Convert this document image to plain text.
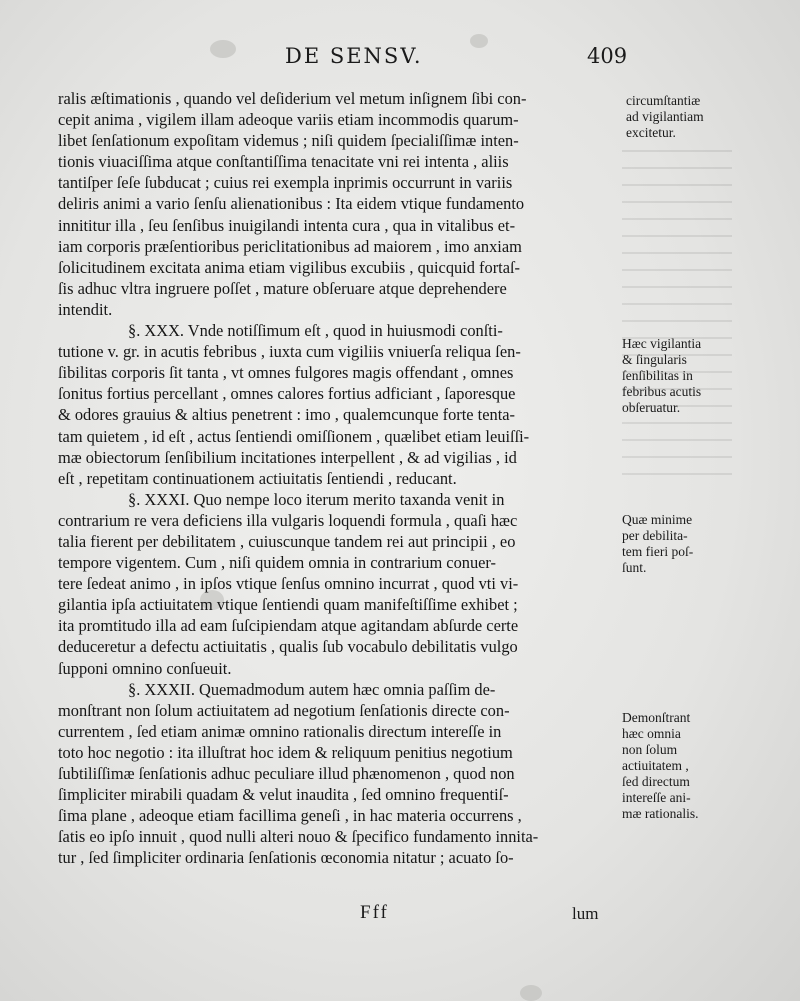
DE SENSV.	409
ralis æſtimationis , quando vel deſiderium vel metum inſignem ſibi con-
cepit anima , vigilem illam adeoque variis etiam incommodis quarum-
libet ſenſationum expoſitam videmus ; niſi quidem ſpecialiſſimæ inten-
tionis viuaciſſima atque conſtantiſſima tenacitate vni rei intenta , aliis
tantiſper ſeſe ſubducat ; cuius rei exempla inprimis occurrunt in variis
deliris animi a vario ſenſu alienationibus : Ita eidem vtique fundamento
innititur illa , ſeu ſenſibus inuigilandi intenta cura , qua in vitalibus et-
iam corporis præſentioribus periclitationibus ad maiorem , imo anxiam
ſolicitudinem excitata anima etiam vigilibus excubiis , quicquid fortaſ-
ſis adhuc vltra ingruere poſſet , mature obſeruare atque deprehendere
intendit.
§. XXX. Vnde notiſſimum eſt , quod in huiusmodi conſti-
tutione v. gr. in acutis febribus , iuxta cum vigiliis vniuerſa reliqua ſen-
ſibilitas corporis ſit tanta , vt omnes fulgores magis offendant , omnes
ſonitus fortius percellant , omnes calores fortius adficiant , ſaporesque
& odores grauius & altius penetrent : imo , qualemcunque forte tenta-
tam quietem , id eſt , actus ſentiendi omiſſionem , quælibet etiam leuiſſi-
mæ obiectorum ſenſibilium incitationes interpellent , & ad vigilias , id
eſt , repetitam continuationem actiuitatis ſentiendi , reducant.
§. XXXI. Quo nempe loco iterum merito taxanda venit in
contrarium re vera deficiens illa vulgaris loquendi formula , quaſi hæc
talia fierent per debilitatem , cuiuscunque tandem rei aut principii , eo
tempore vigentem. Cum , niſi quidem omnia in contrarium conuer-
tere ſedeat animo , in ipſos vtique ſenſus omnino incurrat , quod vti vi-
gilantia ipſa actiuitatem vtique ſentiendi quam manifeſtiſſime exhibet ;
ita promtitudo illa ad eam ſuſcipiendam atque agitandam abſurde certe
deduceretur a defectu actiuitatis , qualis ſub vocabulo debilitatis vulgo
ſupponi omnino conſueuit.
§. XXXII. Quemadmodum autem hæc omnia paſſim de-
monſtrant non ſolum actiuitatem ad negotium ſenſationis directe con-
currentem , ſed etiam animæ omnino rationalis directum intereſſe in
toto hoc negotio : ita illuſtrat hoc idem & reliquum penitius negotium
ſubtiliſſimæ ſenſationis adhuc peculiare illud phænomenon , quod non
ſimpliciter mirabili quadam & velut inaudita , ſed omnino frequentiſ-
ſima plane , adeoque etiam facillima geneſi , in hac materia occurrens ,
ſatis eo ipſo innuit , quod nulli alteri nouo & ſpecifico fundamento innita-
tur , ſed ſimpliciter ordinaria ſenſationis œconomia nitatur ; acuato ſo-
circumſtantiæ
ad vigilantiam
excitetur.
Hæc vigilantia
& ſingularis
ſenſibilitas in
febribus acutis
obſeruatur.
Quæ minime
per debilita-
tem fieri poſ-
ſunt.
Demonſtrant
hæc omnia
non ſolum
actiuitatem ,
ſed directum
intereſſe ani-
mæ rationalis.
Fff	lum
